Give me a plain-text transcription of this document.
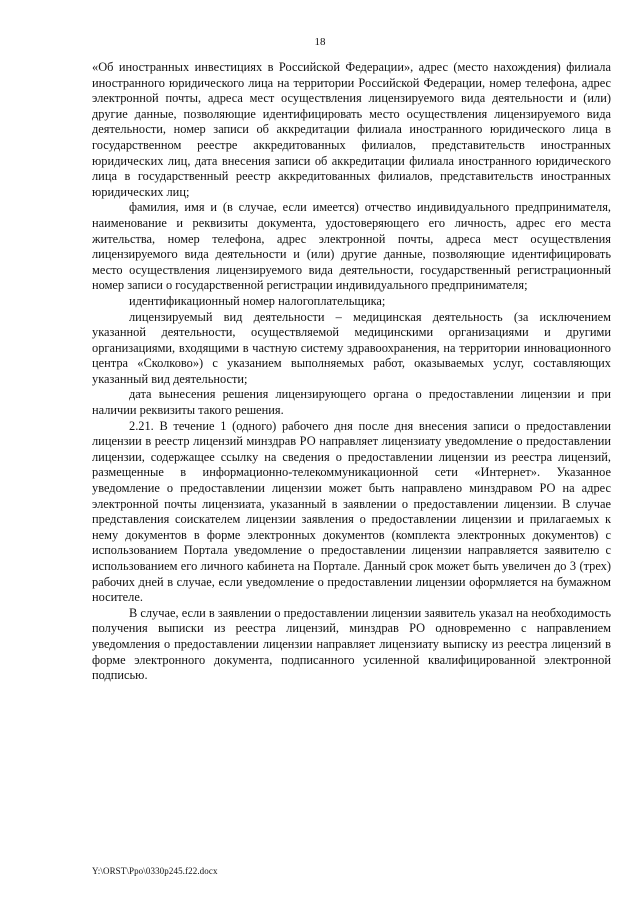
18

«Об иностранных инвестициях в Российской Федерации», адрес (место нахождения) филиала иностранного юридического лица на территории Российской Федерации, номер телефона, адрес электронной почты, адреса мест осуществления лицензируемого вида деятельности и (или) другие данные, позволяющие идентифицировать место осуществления лицензируемого вида деятельности, номер записи об аккредитации филиала иностранного юридического лица в государственном реестре аккредитованных филиалов, представительств иностранных юридических лиц, дата внесения записи об аккредитации филиала иностранного юридического лица в государственный реестр аккредитованных филиалов, представительств иностранных юридических лиц;

фамилия, имя и (в случае, если имеется) отчество индивидуального предпринимателя, наименование и реквизиты документа, удостоверяющего его личность, адрес его места жительства, номер телефона, адрес электронной почты, адреса мест осуществления лицензируемого вида деятельности и (или) другие данные, позволяющие идентифицировать место осуществления лицензируемого вида деятельности, государственный регистрационный номер записи о государственной регистрации индивидуального предпринимателя;

идентификационный номер налогоплательщика;

лицензируемый вид деятельности – медицинская деятельность (за исключением указанной деятельности, осуществляемой медицинскими организациями и другими организациями, входящими в частную систему здравоохранения, на территории инновационного центра «Сколково») с указанием выполняемых работ, оказываемых услуг, составляющих указанный вид деятельности;

дата вынесения решения лицензирующего органа о предоставлении лицензии и при наличии реквизиты такого решения.

2.21. В течение 1 (одного) рабочего дня после дня внесения записи о предоставлении лицензии в реестр лицензий минздрав РО направляет лицензиату уведомление о предоставлении лицензии, содержащее ссылку на сведения о предоставлении лицензии из реестра лицензий, размещенные в информационно-телекоммуникационной сети «Интернет». Указанное уведомление о предоставлении лицензии может быть направлено минздравом РО на адрес электронной почты лицензиата, указанный в заявлении о предоставлении лицензии. В случае представления соискателем лицензии заявления о предоставлении лицензии и прилагаемых к нему документов в форме электронных документов (комплекта электронных документов) с использованием Портала уведомление о предоставлении лицензии направляется заявителю с использованием его личного кабинета на Портале. Данный срок может быть увеличен до 3 (трех) рабочих дней в случае, если уведомление о предоставлении лицензии оформляется на бумажном носителе.

В случае, если в заявлении о предоставлении лицензии заявитель указал на необходимость получения выписки из реестра лицензий, минздрав РО одновременно с направлением уведомления о предоставлении лицензии направляет лицензиату выписку из реестра лицензий в форме электронного документа, подписанного усиленной квалифицированной электронной подписью.

Y:\ORST\Ppo\0330p245.f22.docx
